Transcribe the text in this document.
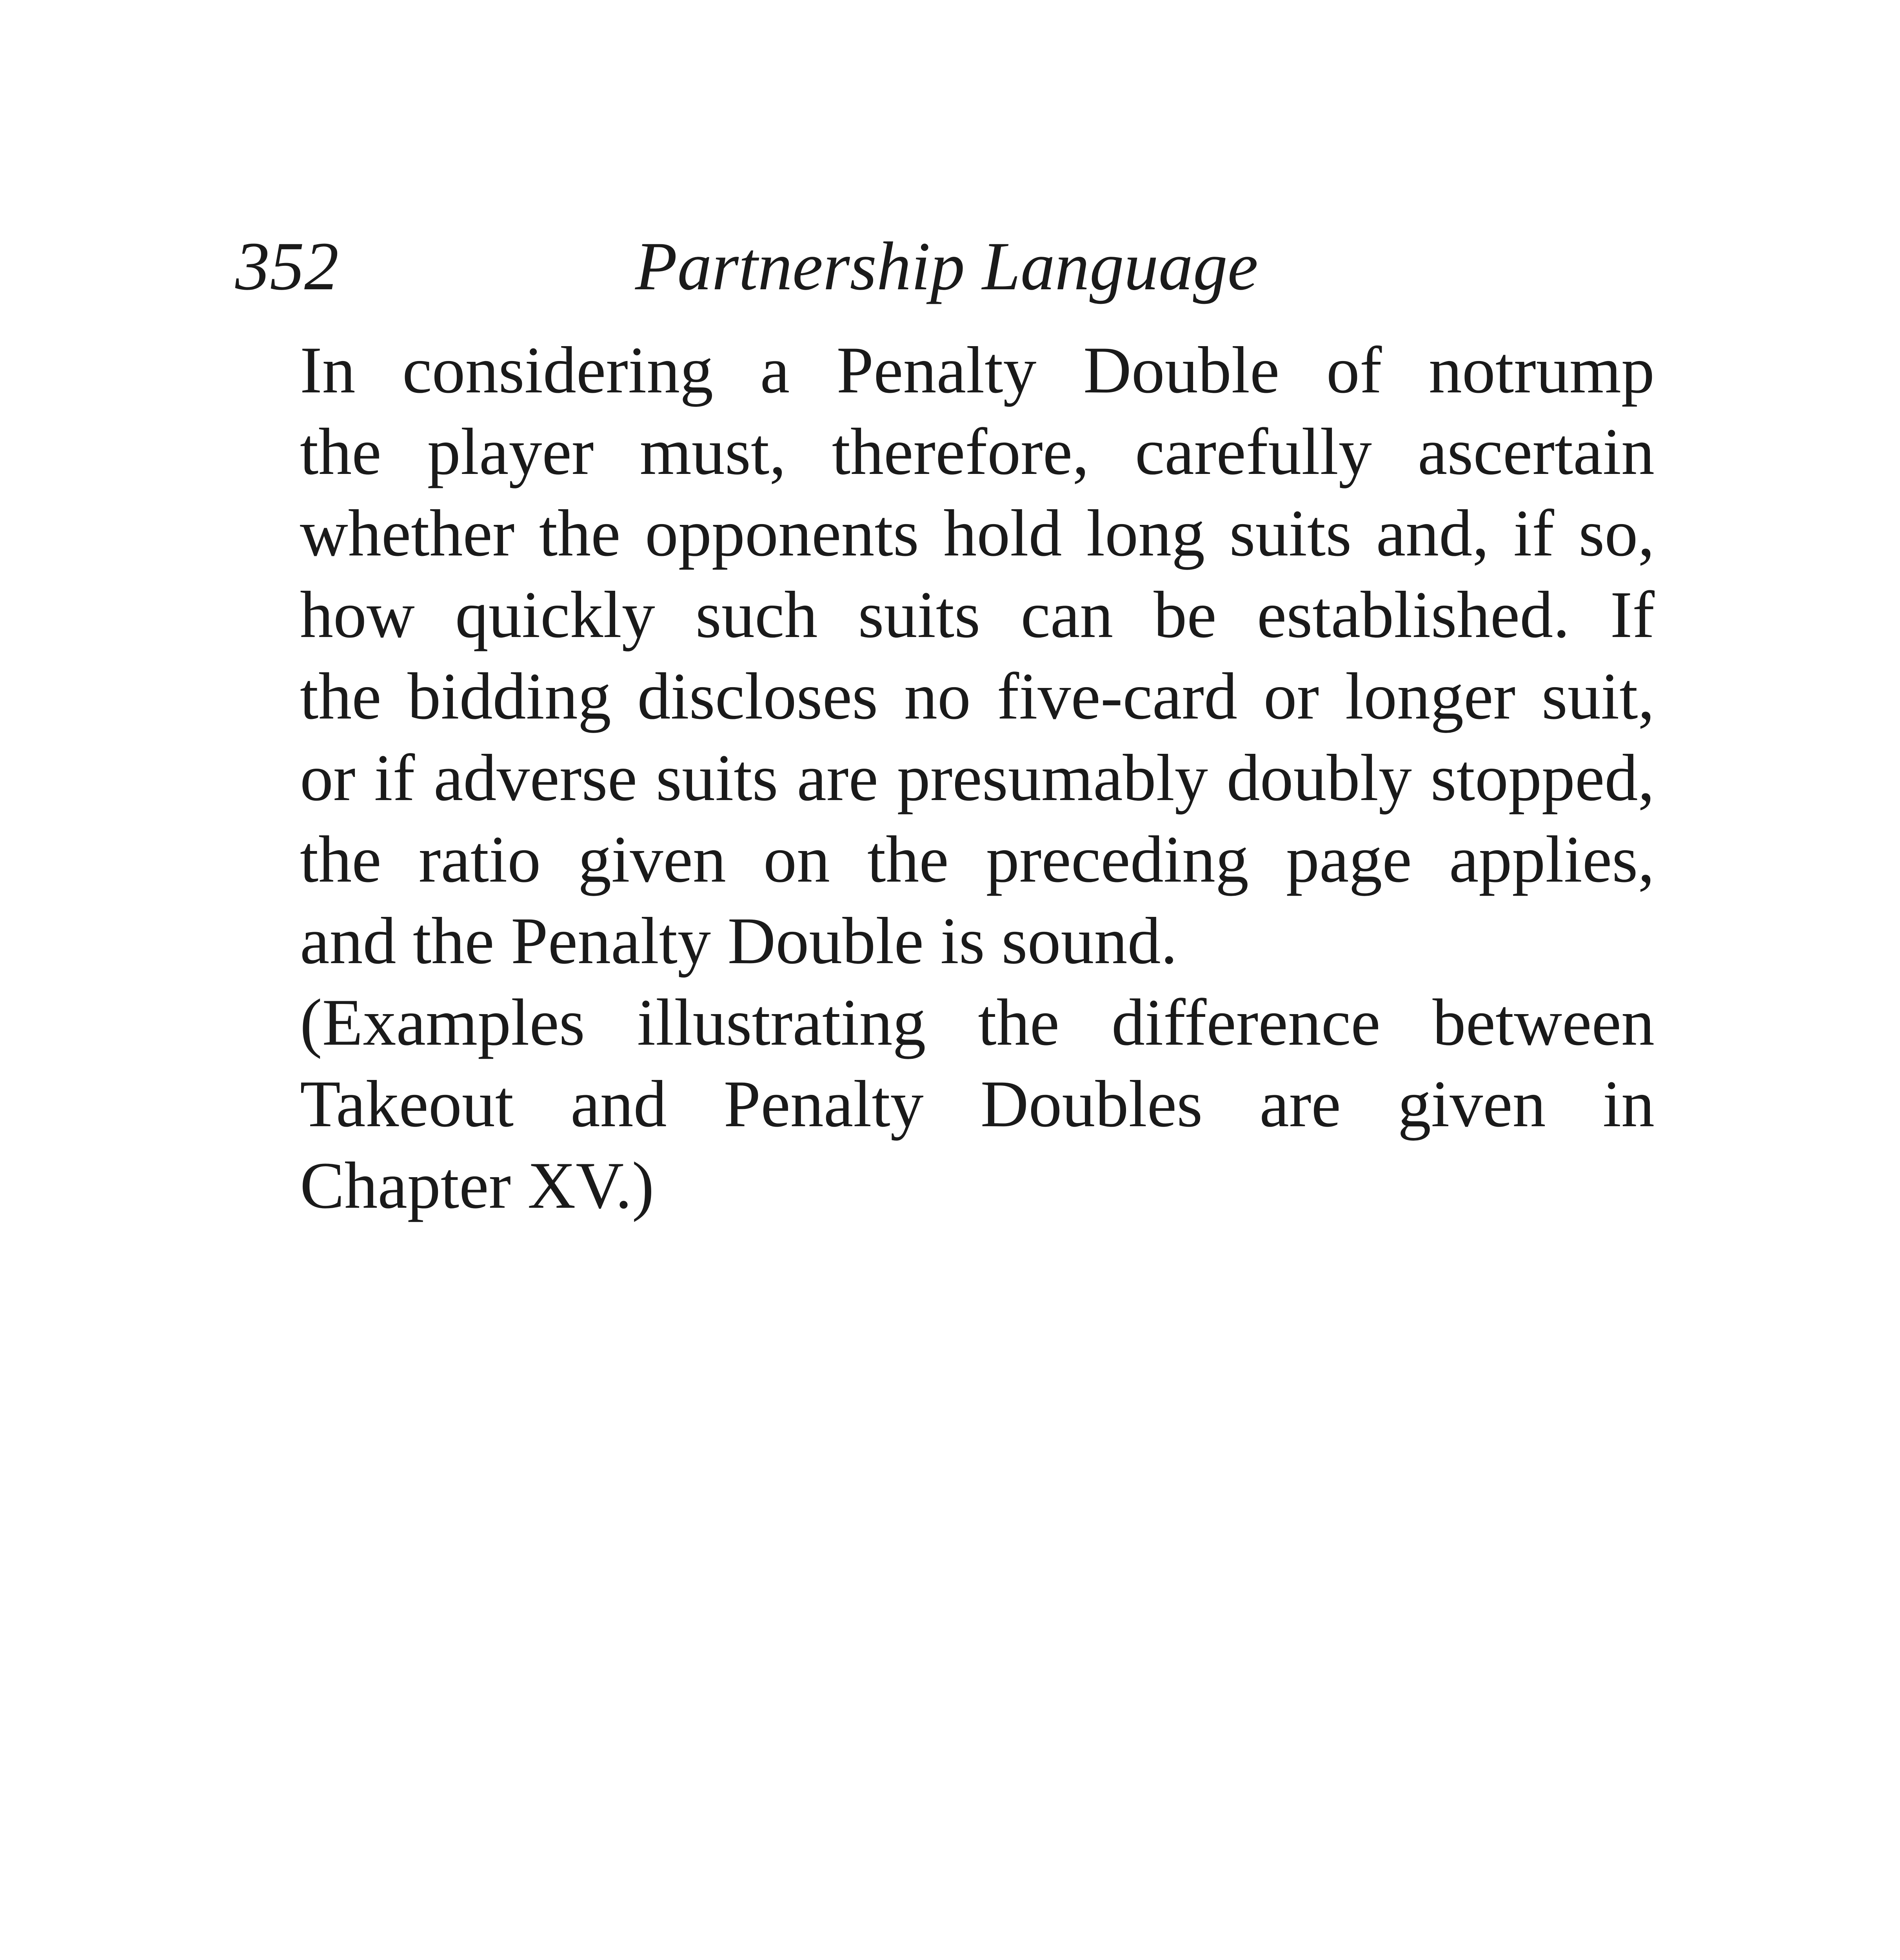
352	Partnership Language

In considering a Penalty Double of notrump
the player must, therefore, carefully ascertain
whether the opponents hold long suits and, if so,
how quickly such suits can be established. If
the bidding discloses no five-card or longer suit,
or if adverse suits are presumably doubly stopped,
the ratio given on the preceding page applies,
and the Penalty Double is sound.

(Examples illustrating the difference between
Takeout and Penalty Doubles are given in
Chapter XV.)
